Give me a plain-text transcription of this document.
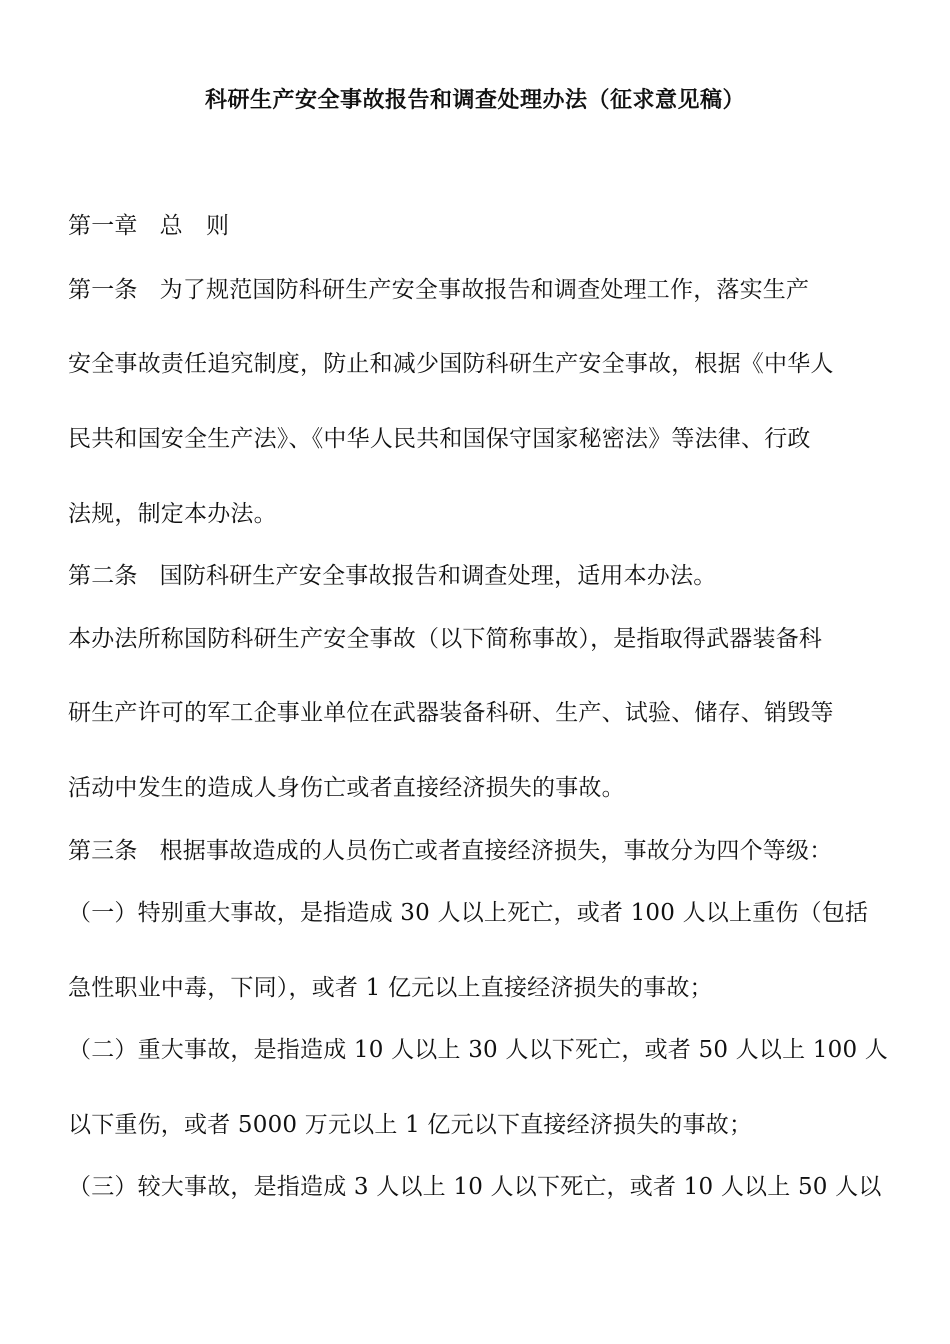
科研生产安全事故报告和调查处理办法（征求意见稿）

第一章 总　则

第一条 为了规范国防科研生产安全事故报告和调查处理工作，落实生产

安全事故责任追究制度，防止和减少国防科研生产安全事故，根据《中华人

民共和国安全生产法》、《中华人民共和国保守国家秘密法》等法律、行政

法规，制定本办法。

第二条 国防科研生产安全事故报告和调查处理，适用本办法。

本办法所称国防科研生产安全事故（以下简称事故），是指取得武器装备科

研生产许可的军工企事业单位在武器装备科研、生产、试验、储存、销毁等

活动中发生的造成人身伤亡或者直接经济损失的事故。

第三条 根据事故造成的人员伤亡或者直接经济损失，事故分为四个等级：

（一）特别重大事故，是指造成 30 人以上死亡，或者 100 人以上重伤（包括

急性职业中毒，下同），或者 1 亿元以上直接经济损失的事故；

（二）重大事故，是指造成 10 人以上 30 人以下死亡，或者 50 人以上 100 人

以下重伤，或者 5000 万元以上 1 亿元以下直接经济损失的事故；

（三）较大事故，是指造成 3 人以上 10 人以下死亡，或者 10 人以上 50 人以
